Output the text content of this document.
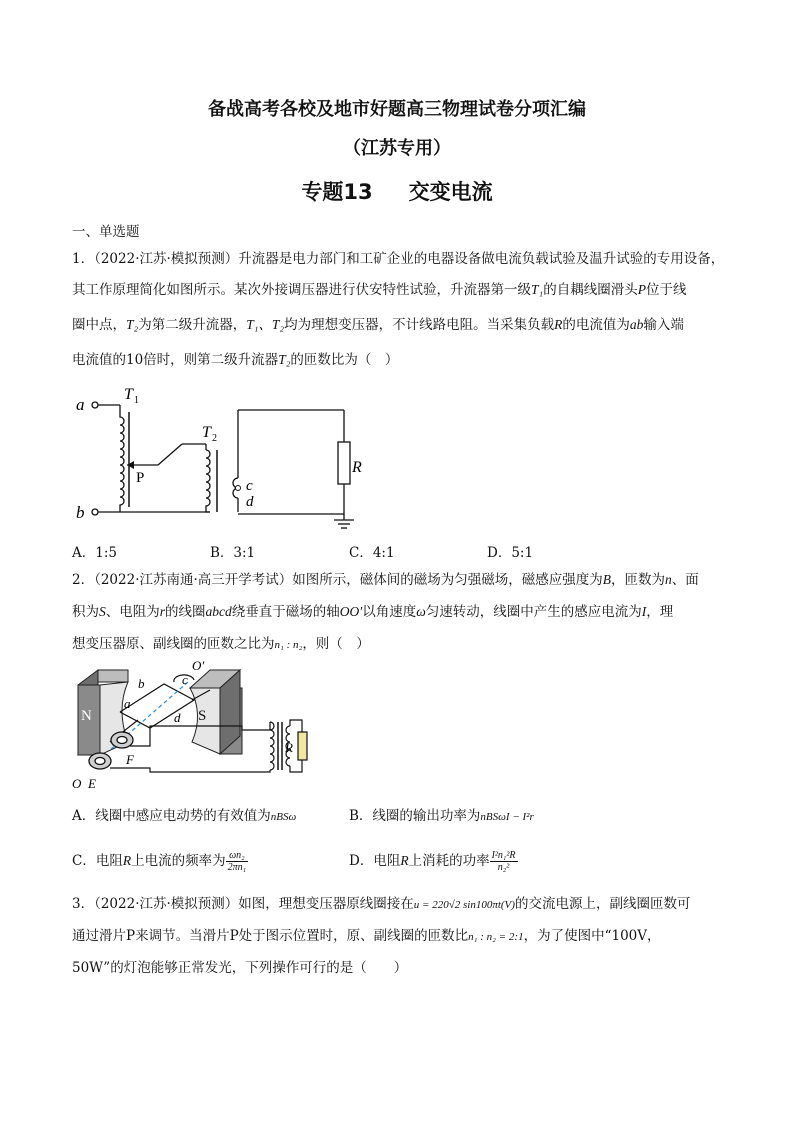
备战高考各校及地市好题高三物理试卷分项汇编
（江苏专用）
专题13 交变电流
一、单选题
1．（2022·江苏·模拟预测）升流器是电力部门和工矿企业的电器设备做电流负载试验及温升试验的专用设备，
其工作原理简化如图所示。某次外接调压器进行伏安特性试验，升流器第一级T₁的自耦线圈滑头P位于线
圈中点，T₂为第二级升流器，T₁、T₂均为理想变压器，不计线路电阻。当采集负载R的电流值为ab输入端
电流值的10倍时，则第二级升流器T₂的匝数比为（　）
a
b
T 1
T 2
P	c
d
R
A．1:5	B．3:1	C．4:1	D．5:1
2．（2022·江苏南通·高三开学考试）如图所示，磁体间的磁场为匀强磁场，磁感应强度为B，匝数为n、面
积为S、电阻为r的线圈abcd绕垂直于磁场的轴OO′以角速度ω匀速转动，线圈中产生的感应电流为I，理
想变压器原、副线圈的匝数之比为n₁ : n₂，则（　）
N	S
O′
c
b
a
d
F
E
O
R
A．线圈中感应电动势的有效值为nBSω	B．线圈的输出功率为nBSωI − I²r
C．电阻R上电流的频率为 $\frac{\text{ωn₂}}{\text{2πn₁}}$	D．电阻R上消耗的功率 $\frac{\text{I²n₁²R}}{\text{n₂²}}$
3．（2022·江苏·模拟预测）如图，理想变压器原线圈接在u = 220√2 sin100πt(V)的交流电源上，副线圈匝数可
通过滑片P来调节。当滑片P处于图示位置时，原、副线圈的匝数比n₁ : n₂ = 2:1，为了使图中“100V，
50W”的灯泡能够正常发光，下列操作可行的是（　　）
